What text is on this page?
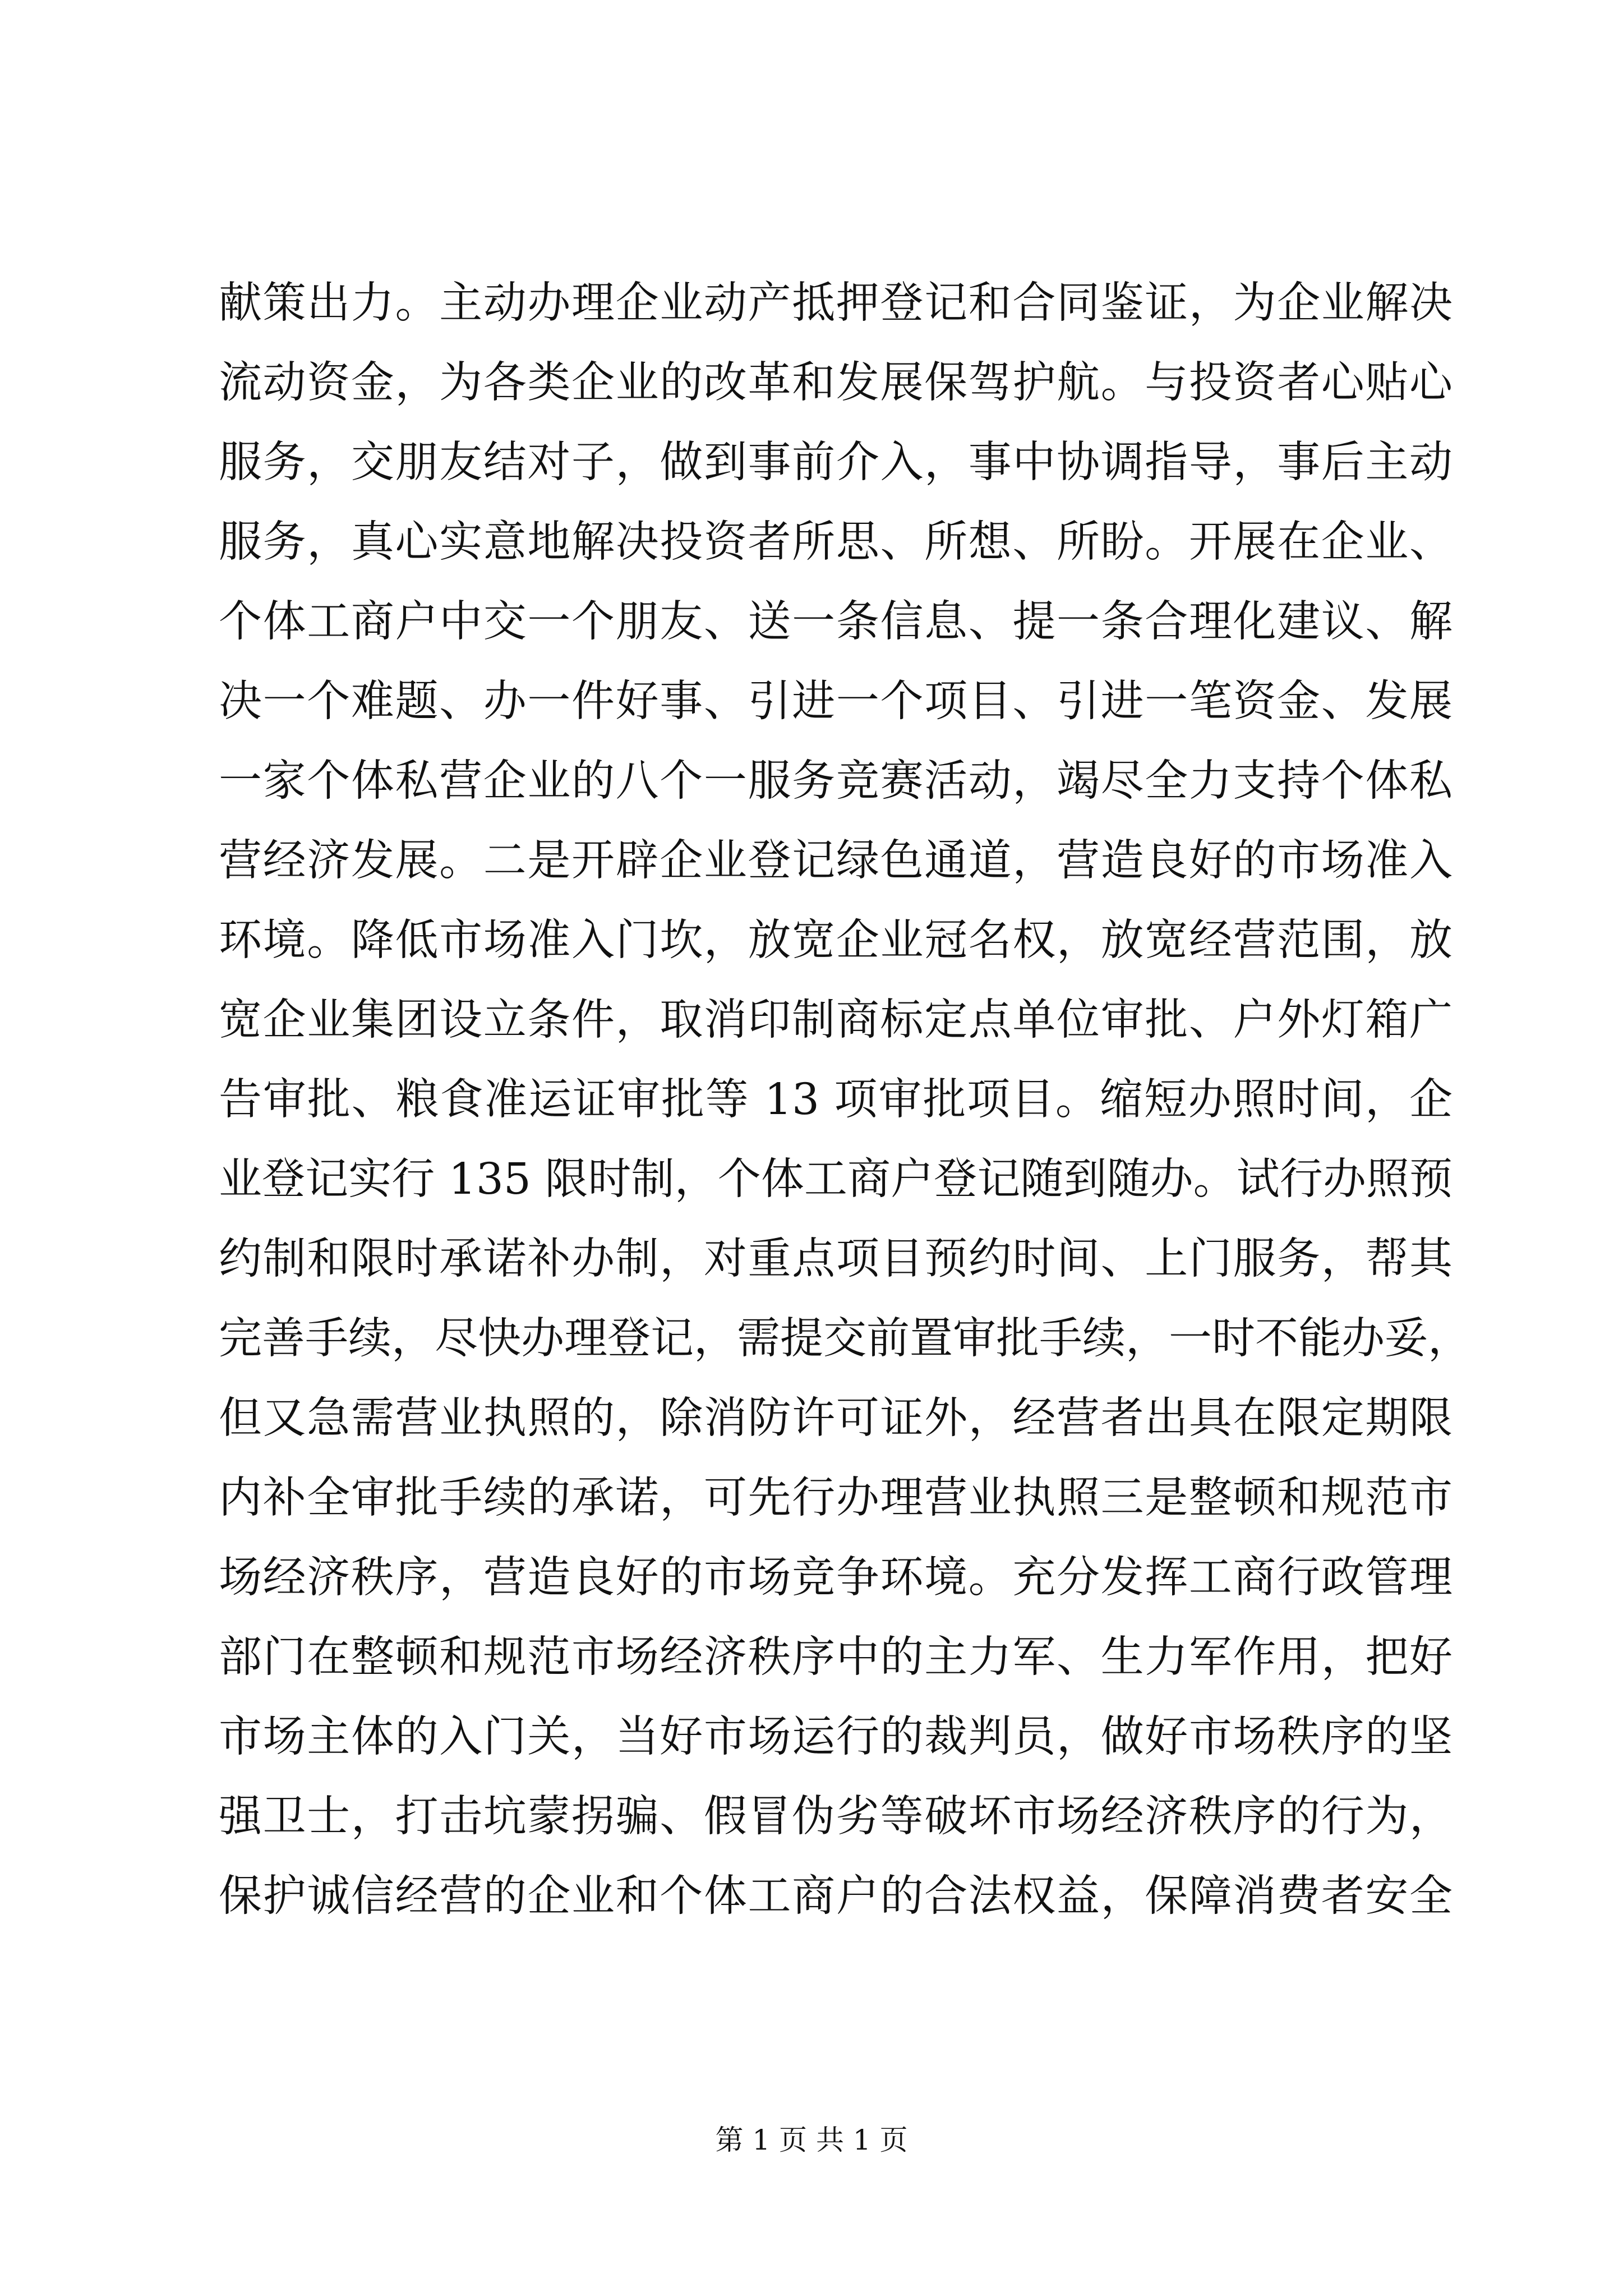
献策出力。主动办理企业动产抵押登记和合同鉴证，为企业解决
流动资金，为各类企业的改革和发展保驾护航。与投资者心贴心
服务，交朋友结对子，做到事前介入，事中协调指导，事后主动
服务，真心实意地解决投资者所思、所想、所盼。开展在企业、
个体工商户中交一个朋友、送一条信息、提一条合理化建议、解
决一个难题、办一件好事、引进一个项目、引进一笔资金、发展
一家个体私营企业的八个一服务竞赛活动，竭尽全力支持个体私
营经济发展。二是开辟企业登记绿色通道，营造良好的市场准入
环境。降低市场准入门坎，放宽企业冠名权，放宽经营范围，放
宽企业集团设立条件，取消印制商标定点单位审批、户外灯箱广
告审批、粮食准运证审批等 13 项审批项目。缩短办照时间，企
业登记实行 135 限时制，个体工商户登记随到随办。试行办照预
约制和限时承诺补办制，对重点项目预约时间、上门服务，帮其
完善手续，尽快办理登记，需提交前置审批手续，一时不能办妥，
但又急需营业执照的，除消防许可证外，经营者出具在限定期限
内补全审批手续的承诺，可先行办理营业执照三是整顿和规范市
场经济秩序，营造良好的市场竞争环境。充分发挥工商行政管理
部门在整顿和规范市场经济秩序中的主力军、生力军作用，把好
市场主体的入门关，当好市场运行的裁判员，做好市场秩序的坚
强卫士，打击坑蒙拐骗、假冒伪劣等破坏市场经济秩序的行为，
保护诚信经营的企业和个体工商户的合法权益，保障消费者安全
第 1 页 共 1 页
